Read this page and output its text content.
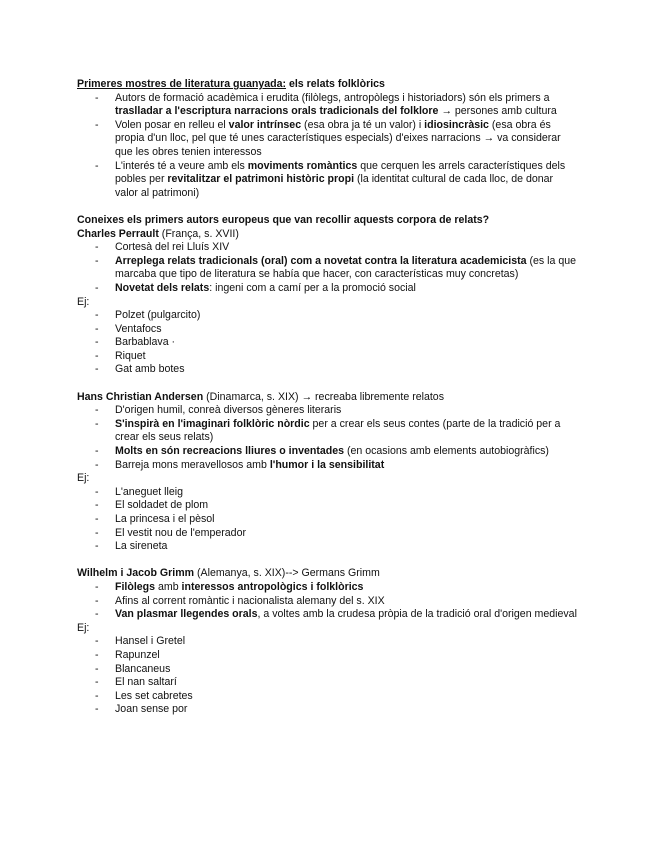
Primeres mostres de literatura guanyada: els relats folklòrics

- Autors de formació acadèmica i erudita (filòlegs, antropòlegs i historiadors) són els primers a traslladar a l'escriptura narracions orals tradicionals del folklore → persones amb cultura
- Volen posar en relleu el valor intrínsec (esa obra ja té un valor) i idiosincràsic (esa obra és propia d'un lloc, pel que té unes característiques especials) d'eixes narracions → va considerar que les obres tenien interessos
- L'interés té a veure amb els moviments romàntics que cerquen les arrels característiques dels pobles per revitalitzar el patrimoni històric propi (la identitat cultural de cada lloc, de donar valor al patrimoni)

Coneixes els primers autors europeus que van recollir aquests corpora de relats?

Charles Perrault (França, s. XVII)

- Cortesà del rei Lluís XIV
- Arreplega relats tradicionals (oral) com a novetat contra la literatura academicista (es la que marcaba que tipo de literatura se había que hacer, con características muy concretas)
- Novetat dels relats: ingeni com a camí per a la promoció social

Ej:

- Polzet (pulgarcito)
- Ventafocs
- Barbablava ·
- Riquet
- Gat amb botes

Hans Christian Andersen (Dinamarca, s. XIX) → recreaba libremente relatos

- D'origen humil, conreà diversos gèneres literaris
- S'inspirà en l'imaginari folklòric nòrdic per a crear els seus contes (parte de la tradició per a crear els seus relats)
- Molts en són recreacions lliures o inventades (en ocasions amb elements autobiogràfics)
- Barreja mons meravellosos amb l'humor i la sensibilitat

Ej:

- L'aneguet lleig
- El soldadet de plom
- La princesa i el pèsol
- El vestit nou de l'emperador
- La sireneta

Wilhelm i Jacob Grimm (Alemanya, s. XIX)--> Germans Grimm

- Filòlegs amb interessos antropològics i folklòrics
- Afins al corrent romàntic i nacionalista alemany del s. XIX
- Van plasmar llegendes orals, a voltes amb la crudesa pròpia de la tradició oral d'origen medieval

Ej:

- Hansel i Gretel
- Rapunzel
- Blancaneus
- El nan saltarí
- Les set cabretes
- Joan sense por
